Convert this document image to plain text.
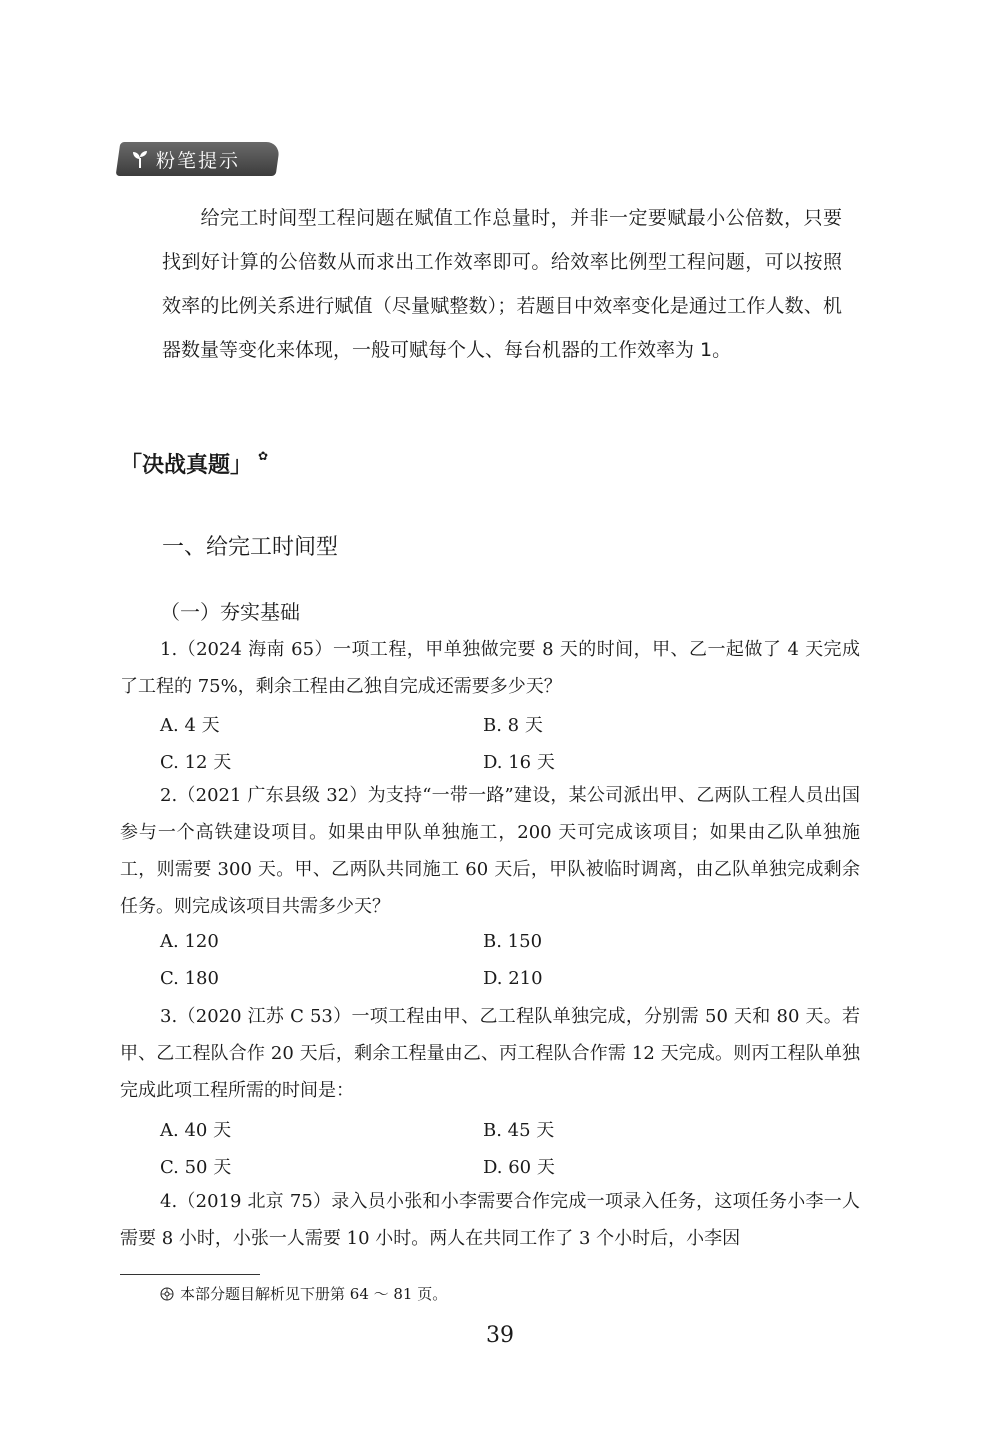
粉笔提示
给完工时间型工程问题在赋值工作总量时，并非一定要赋最小公倍数，只要找到好计算的公倍数从而求出工作效率即可。给效率比例型工程问题，可以按照效率的比例关系进行赋值（尽量赋整数）；若题目中效率变化是通过工作人数、机器数量等变化来体现，一般可赋每个人、每台机器的工作效率为 1。
「决战真题」 ✿
一、给完工时间型
（一）夯实基础
1.（2024 海南 65）一项工程，甲单独做完要 8 天的时间，甲、乙一起做了 4 天完成了工程的 75%，剩余工程由乙独自完成还需要多少天？
A. 4 天	B. 8 天
C. 12 天	D. 16 天
2.（2021 广东县级 32）为支持“一带一路”建设，某公司派出甲、乙两队工程人员出国参与一个高铁建设项目。如果由甲队单独施工，200 天可完成该项目；如果由乙队单独施工，则需要 300 天。甲、乙两队共同施工 60 天后，甲队被临时调离，由乙队单独完成剩余任务。则完成该项目共需多少天？
A. 120	B. 150
C. 180	D. 210
3.（2020 江苏 C 53）一项工程由甲、乙工程队单独完成，分别需 50 天和 80 天。若甲、乙工程队合作 20 天后，剩余工程量由乙、丙工程队合作需 12 天完成。则丙工程队单独完成此项工程所需的时间是：
A. 40 天	B. 45 天
C. 50 天	D. 60 天
4.（2019 北京 75）录入员小张和小李需要合作完成一项录入任务，这项任务小李一人需要 8 小时，小张一人需要 10 小时。两人在共同工作了 3 个小时后，小李因
本部分题目解析见下册第 64 ～ 81 页。
39
